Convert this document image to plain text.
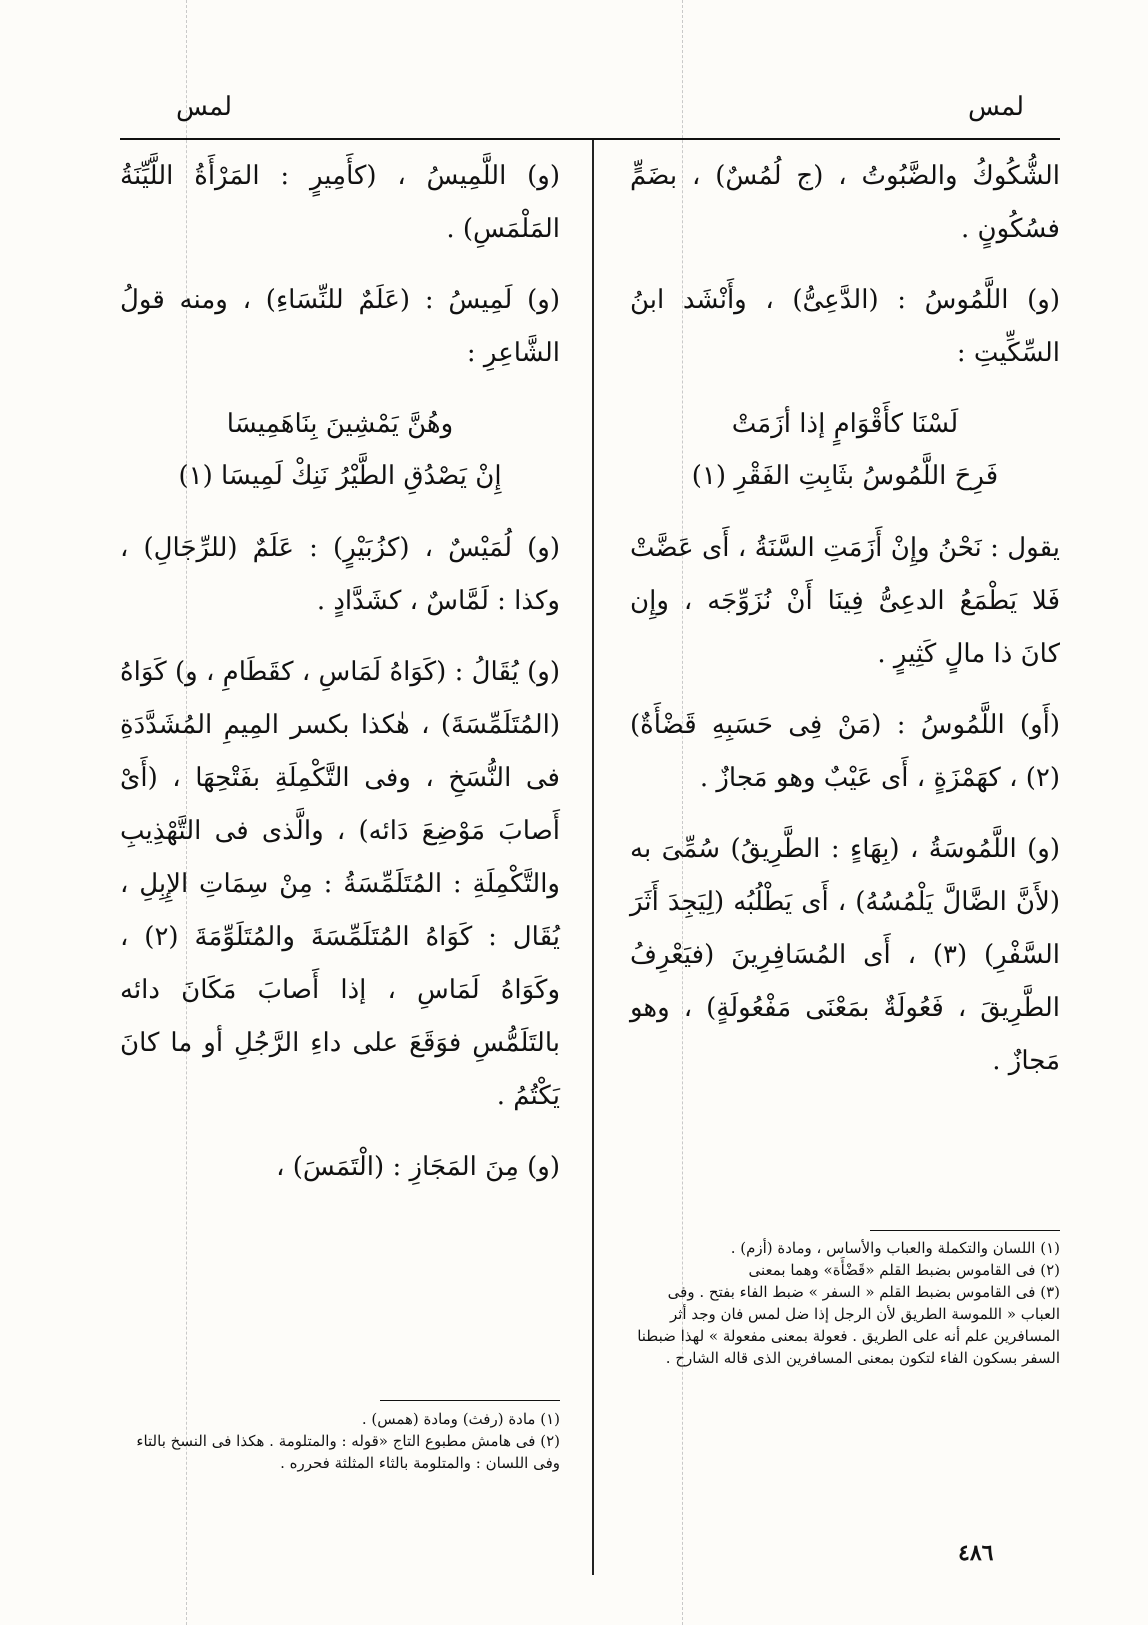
لمس
لمس

الشُّكُوكُ والضَّبُوتُ ، (ج لُمُسٌ) ، بضَمٍّ فسُكُونٍ .

(و) اللَّمُوسُ : (الدَّعِىُّ) ، وأَنْشَد ابنُ السِّكِّيتِ :

لَسْنَا كأَقْوَامٍ إذا أزَمَتْ
فَرِحَ اللَّمُوسُ بثَابِتِ الفَقْرِ (١)

يقول : نَحْنُ وإِنْ أَزَمَتِ السَّنَةُ ، أَى عَضَّتْ فَلا يَطْمَعُ الدعِىُّ فِينَا أَنْ نُزَوِّجَه ، وإِن كانَ ذا مالٍ كَثِيرٍ .

(أَو) اللَّمُوسُ : (مَنْ فِى حَسَبِهِ قَضْأَةٌ) (٢) ، كهَمْزَةٍ ، أَى عَيْبٌ وهو مَجازٌ .

(و) اللَّمُوسَةُ ، (بِهَاءٍ : الطَّرِيقُ) سُمِّىَ به (لأَنَّ الضَّالَّ يَلْمُسُهُ) ، أَى يَطْلُبُه (لِيَجِدَ أَثَرَ السَّفْرِ) (٣) ، أَى المُسَافِرِينَ (فيَعْرِفُ الطَّرِيقَ ، فَعُولَةٌ بمَعْنَى مَفْعُولَةٍ) ، وهو مَجازٌ .

(١) اللسان والتكملة والعباب والأساس ، ومادة (أزم) .
(٢) فى القاموس بضبط القلم «قَضْأَة» وهما بمعنى
(٣) فى القاموس بضبط القلم « السفر » ضبط الفاء بفتح . وفى العباب « اللموسة الطريق لأن الرجل إذا ضل لمس فان وجد أثر المسافرين علم أنه على الطريق . فعولة بمعنى مفعولة » لهذا ضبطنا السفر بسكون الفاء لتكون بمعنى المسافرين الذى قاله الشارح .

(و) اللَّمِيسُ ، (كأَمِيرٍ : المَرْأَةُ اللَّيِّنَةُ المَلْمَسِ) .

(و) لَمِيسُ : (عَلَمٌ للنِّسَاءِ) ، ومنه قولُ الشَّاعِرِ :

وهُنَّ يَمْشِينَ بِنَاهَمِيسَا
إِنْ يَصْدُقِ الطَّيْرُ نَنِكْ لَمِيسَا (١)

(و) لُمَيْسٌ ، (كزُبَيْرٍ) : عَلَمٌ (للرِّجَالِ) ، وكذا : لَمَّاسٌ ، كشَدَّادٍ .

(و) يُقَالُ : (كَوَاهُ لَمَاسِ ، كقَطَامِ ، و) كَوَاهُ (المُتَلَمِّسَةَ) ، هٰكذا بكسر المِيمِ المُشَدَّدَةِ فى النُّسَخِ ، وفى التَّكْمِلَةِ بفَتْحِهَا ، (أَىْ أَصابَ مَوْضِعَ دَائه) ، والَّذى فى التَّهْذِيبِ والتَّكْمِلَةِ : المُتَلَمِّسَةُ : مِنْ سِمَاتِ الإِبِلِ ، يُقَال : كَوَاهُ المُتَلَمِّسَةَ والمُتَلَوِّمَةَ (٢) ، وكَوَاهُ لَمَاسِ ، إذا أَصابَ مَكَانَ دائه بالتَلَمُّسِ فوَقَعَ على داءِ الرَّجُلِ أو ما كانَ يَكْتُمُ .

(و) مِنَ المَجَازِ : (الْتَمَسَ) ،

(١) مادة (رفث) ومادة (همس) .
(٢) فى هامش مطبوع التاج «قوله : والمتلومة . هكذا فى النسخ بالتاء وفى اللسان : والمتلومة بالثاء المثلثة فحرره .
٤٨٦
